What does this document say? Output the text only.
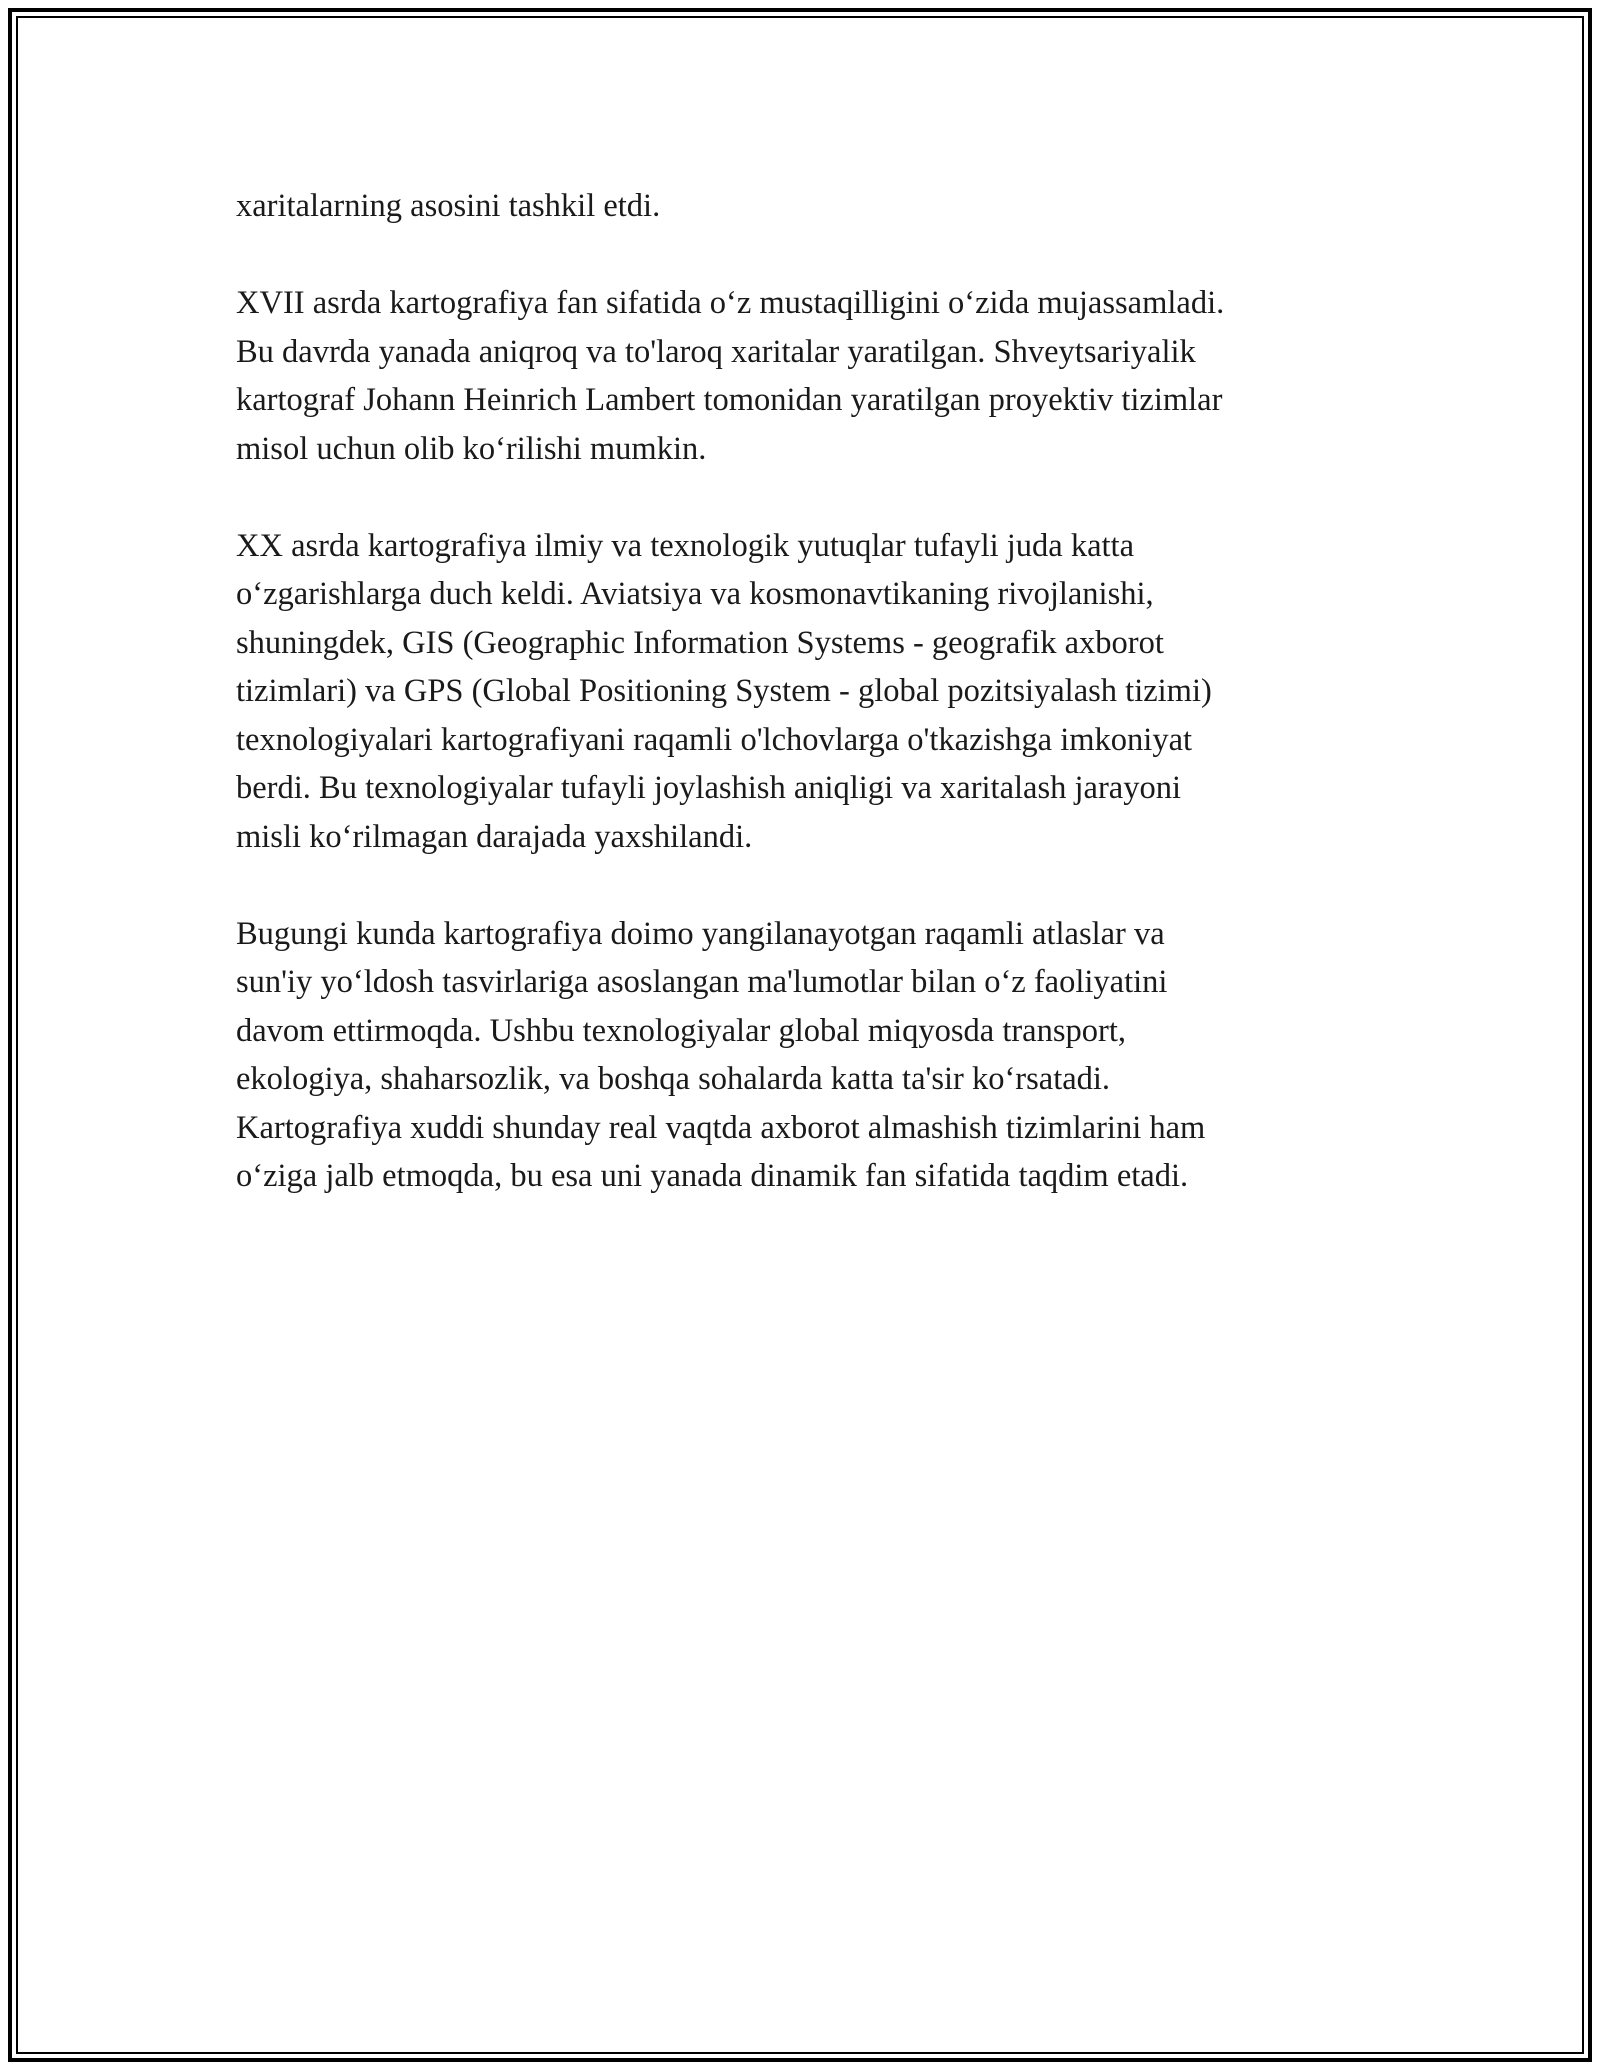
xaritalarning asosini tashkil etdi.

XVII asrda kartografiya fan sifatida o‘z mustaqilligini o‘zida mujassamladi.
Bu davrda yanada aniqroq va to'laroq xaritalar yaratilgan. Shveytsariyalik
kartograf Johann Heinrich Lambert tomonidan yaratilgan proyektiv tizimlar
misol uchun olib ko‘rilishi mumkin.

XX asrda kartografiya ilmiy va texnologik yutuqlar tufayli juda katta
o‘zgarishlarga duch keldi. Aviatsiya va kosmonavtikaning rivojlanishi,
shuningdek, GIS (Geographic Information Systems - geografik axborot
tizimlari) va GPS (Global Positioning System - global pozitsiyalash tizimi)
texnologiyalari kartografiyani raqamli o'lchovlarga o'tkazishga imkoniyat
berdi. Bu texnologiyalar tufayli joylashish aniqligi va xaritalash jarayoni
misli ko‘rilmagan darajada yaxshilandi.

Bugungi kunda kartografiya doimo yangilanayotgan raqamli atlaslar va
sun'iy yo‘ldosh tasvirlariga asoslangan ma'lumotlar bilan o‘z faoliyatini
davom ettirmoqda. Ushbu texnologiyalar global miqyosda transport,
ekologiya, shaharsozlik, va boshqa sohalarda katta ta'sir ko‘rsatadi.
Kartografiya xuddi shunday real vaqtda axborot almashish tizimlarini ham
o‘ziga jalb etmoqda, bu esa uni yanada dinamik fan sifatida taqdim etadi.
